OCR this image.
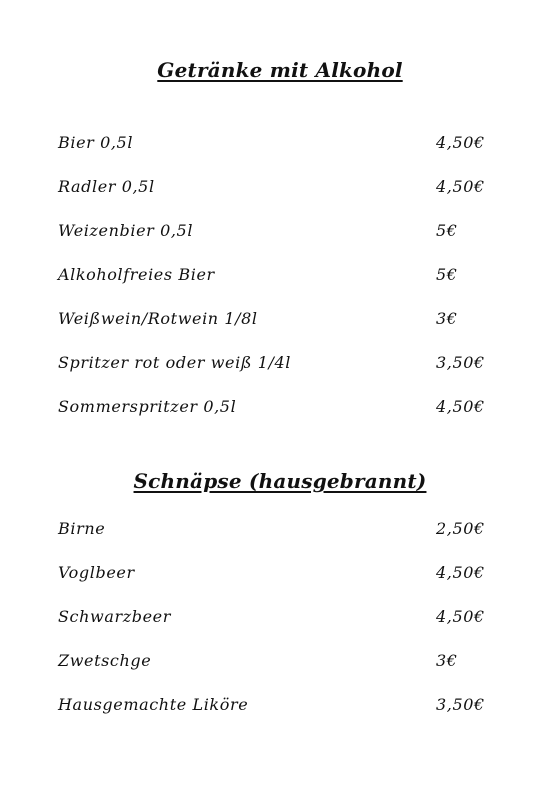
Getränke mit Alkohol
Bier 0,5l	4,50€
Radler 0,5l	4,50€
Weizenbier 0,5l	5€
Alkoholfreies Bier	5€
Weißwein/Rotwein 1/8l	3€
Spritzer rot oder weiß 1/4l	3,50€
Sommerspritzer 0,5l	4,50€
Schnäpse (hausgebrannt)
Birne	2,50€
Voglbeer	4,50€
Schwarzbeer	4,50€
Zwetschge	3€
Hausgemachte Liköre	3,50€
